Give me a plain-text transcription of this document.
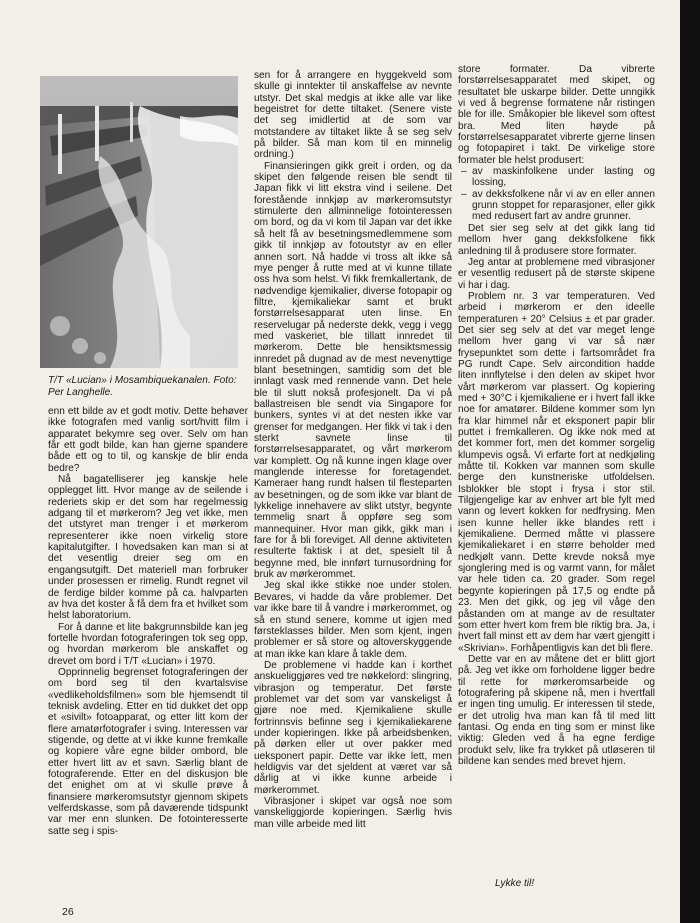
T/T «Lucian» i Mosambiquekanalen. Foto: Per Langhelle.

enn ett bilde av et godt motiv. Dette behøver ikke fotografen med vanlig sort/hvitt film i apparatet bekymre seg over. Selv om han får ett godt bilde, kan han gjerne spandere både ett og to til, og kanskje de blir enda bedre?

Nå bagatelliserer jeg kanskje hele opplegget litt. Hvor mange av de seilende i rederiets skip er det som har regelmessig adgang til et mørkerom? Jeg vet ikke, men det utstyret man trenger i et mørkerom representerer ikke noen virkelig store kapitalutgifter. I hovedsaken kan man si at det vesentlig dreier seg om en engangsutgift. Det materiell man forbruker under prosessen er rimelig. Rundt regnet vil de ferdige bilder komme på ca. halvparten av hva det koster å få dem fra et hvilket som helst laboratorium.

For å danne et lite bakgrunnsbilde kan jeg fortelle hvordan fotograferingen tok seg opp, og hvordan mørkerom ble anskaffet og drevet om bord i T/T «Lucian» i 1970.

Opprinnelig begrenset fotograferingen der om bord seg til den kvartalsvise «vedlikeholdsfilmen» som ble hjemsendt til teknisk avdeling. Etter en tid dukket det opp et «sivilt» fotoapparat, og etter litt kom der flere amatørfotografer i sving. Interessen var stigende, og dette at vi ikke kunne fremkalle og kopiere våre egne bilder ombord, ble etter hvert litt av et savn. Særlig blant de fotograferende. Etter en del diskusjon ble det enighet om at vi skulle prøve å finansiere mørkeromsutstyr gjennom skipets velferdskasse, som på daværende tidspunkt var mer enn slunken. De fotointeresserte satte seg i spis-

sen for å arrangere en hyggekveld som skulle gi inntekter til anskaffelse av nevnte utstyr. Det skal medgis at ikke alle var like begeistret for dette tiltaket. (Senere viste det seg imidlertid at de som var motstandere av tiltaket likte å se seg selv på bilder. Så man kom til en minnelig ordning.)

Finansieringen gikk greit i orden, og da skipet den følgende reisen ble sendt til Japan fikk vi litt ekstra vind i seilene. Det forestående innkjøp av mørkeromsutstyr stimulerte den allminnelige fotointeressen om bord, og da vi kom til Japan var det ikke så helt få av besetningsmedlemmene som gikk til innkjøp av fotoutstyr av en eller annen sort. Nå hadde vi tross alt ikke så mye penger å rutte med at vi kunne tillate oss hva som helst. Vi fikk fremkallertank, de nødvendige kjemikalier, diverse fotopapir og filtre, kjemikaliekar samt et brukt forstørrelsesapparat uten linse. En reservelugar på nederste dekk, vegg i vegg med vaskeriet, ble tillatt innredet til mørkerom. Dette ble hensiktsmessig innredet på dugnad av de mest nevenyttige blant besetningen, samtidig som det ble innlagt vask med rennende vann. Det hele ble til slutt nokså profesjonelt. Da vi på ballastreisen ble sendt via Singapore for bunkers, syntes vi at det nesten ikke var grenser for medgangen. Her fikk vi tak i den sterkt savnete linse til forstørrelsesapparatet, og vårt mørkerom var komplett. Og nå kunne ingen klage over manglende interesse for foretagendet. Kameraer hang rundt halsen til flesteparten av besetningen, og de som ikke var blant de lykkelige innehavere av slikt utstyr, begynte temmelig snart å oppføre seg som mannequiner. Hvor man gikk, gikk man i fare for å bli foreviget. All denne aktiviteten resulterte faktisk i at det, spesielt til å begynne med, ble innført turnusordning for bruk av mørkerommet.

Jeg skal ikke stikke noe under stolen. Bevares, vi hadde da våre problemer. Det var ikke bare til å vandre i mørkerommet, og så en stund senere, komme ut igjen med førsteklasses bilder. Men som kjent, ingen problemer er så store og altoverskyggende at man ikke kan klare å takle dem.

De problemene vi hadde kan i korthet anskueliggjøres ved tre nøkkelord: slingring, vibrasjon og temperatur. Det første problemet var det som var vanskeligst å gjøre noe med. Kjemikaliene skulle fortrinnsvis befinne seg i kjemikaliekarene under kopieringen. Ikke på arbeidsbenken, på dørken eller ut over pakker med ueksponert papir. Dette var ikke lett, men heldigvis var det sjeldent at været var så dårlig at vi ikke kunne arbeide i mørkerommet.

Vibrasjoner i skipet var også noe som vanskeliggjorde kopieringen. Særlig hvis man ville arbeide med litt

store formater. Da vibrerte forstørrelsesapparatet med skipet, og resultatet ble uskarpe bilder. Dette unngikk vi ved å begrense formatene når ristingen ble for ille. Småkopier ble likevel som oftest bra. Med liten høyde på forstørrelsesapparatet vibrerte gjerne linsen og fotopapiret i takt. De virkelige store formater ble helst produsert:

– av maskinfolkene under lasting og lossing,
– av dekksfolkene når vi av en eller annen grunn stoppet for reparasjoner, eller gikk med redusert fart av andre grunner.

Det sier seg selv at det gikk lang tid mellom hver gang dekksfolkene fikk anledning til å produsere store formater.

Jeg antar at problemene med vibrasjoner er vesentlig redusert på de største skipene vi har i dag.

Problem nr. 3 var temperaturen. Ved arbeid i mørkerom er den ideelle temperaturen + 20° Celsius ± et par grader. Det sier seg selv at det var meget lenge mellom hver gang vi var så nær frysepunktet som dette i fartsområdet fra PG rundt Cape. Selv aircondition hadde liten innflytelse i den delen av skipet hvor vårt mørkerom var plassert. Og kopiering med + 30°C i kjemikaliene er i hvert fall ikke noe for amatører. Bildene kommer som lyn fra klar himmel når et eksponert papir blir puttet i fremkalleren. Og ikke nok med at det kommer fort, men det kommer sorgelig klumpevis også. Vi erfarte fort at nedkjøling måtte til. Kokken var mannen som skulle berge den kunstneriske utfoldelsen. Isblokker ble stopt i frysa i stor stil. Tilgjengelige kar av enhver art ble fylt med vann og levert kokken for nedfrysing. Men isen kunne heller ikke blandes rett i kjemikaliene. Dermed måtte vi plassere kjemikaliekaret i en større beholder med nedkjølt vann. Dette krevde nokså mye sjonglering med is og varmt vann, for målet var hele tiden ca. 20 grader. Som regel begynte kopieringen på 17,5 og endte på 23. Men det gikk, og jeg vil våge den påstanden om at mange av de resultater som etter hvert kom frem ble riktig bra. Ja, i hvert fall minst ett av dem har vært gjengitt i «Skrivian». Forhåpentligvis kan det bli flere.

Dette var en av måtene det er blitt gjort på. Jeg vet ikke om forholdene ligger bedre til rette for mørkeromsarbeide og fotografering på skipene nå, men i hvertfall er ingen ting umulig. Er interessen til stede, er det utrolig hva man kan få til med litt fantasi. Og enda en ting som er minst like viktig: Gleden ved å ha egne ferdige produkt selv, like fra trykket på utløseren til bildene kan sendes med brevet hjem.

Lykke til!
26
